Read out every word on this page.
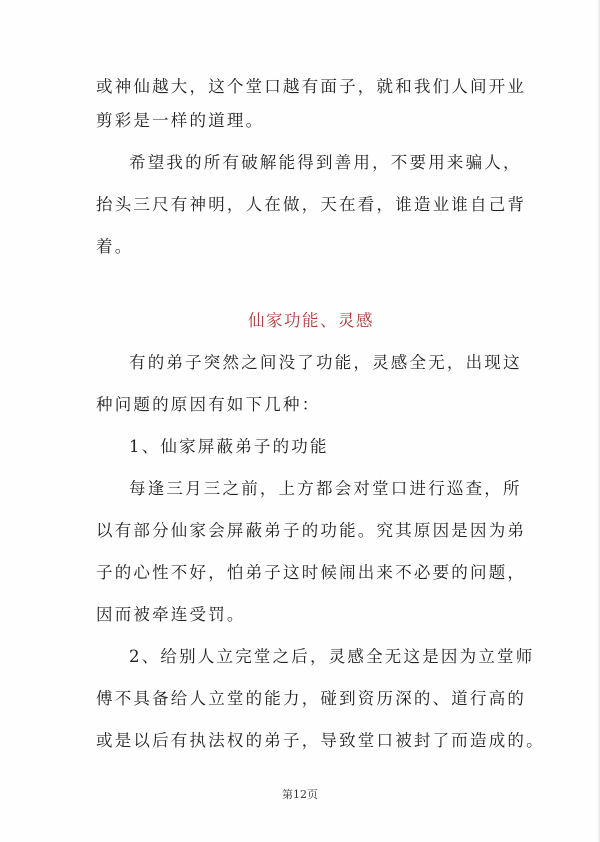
或神仙越大，这个堂口越有面子，就和我们人间开业
剪彩是一样的道理。
希望我的所有破解能得到善用，不要用来骗人，
抬头三尺有神明，人在做，天在看，谁造业谁自己背
着。
仙家功能、灵感
有的弟子突然之间没了功能，灵感全无，出现这
种问题的原因有如下几种：
1、仙家屏蔽弟子的功能
每逢三月三之前，上方都会对堂口进行巡查，所
以有部分仙家会屏蔽弟子的功能。究其原因是因为弟
子的心性不好，怕弟子这时候闹出来不必要的问题，
因而被牵连受罚。
2、给别人立完堂之后，灵感全无这是因为立堂师
傅不具备给人立堂的能力，碰到资历深的、道行高的
或是以后有执法权的弟子，导致堂口被封了而造成的。
第12页
